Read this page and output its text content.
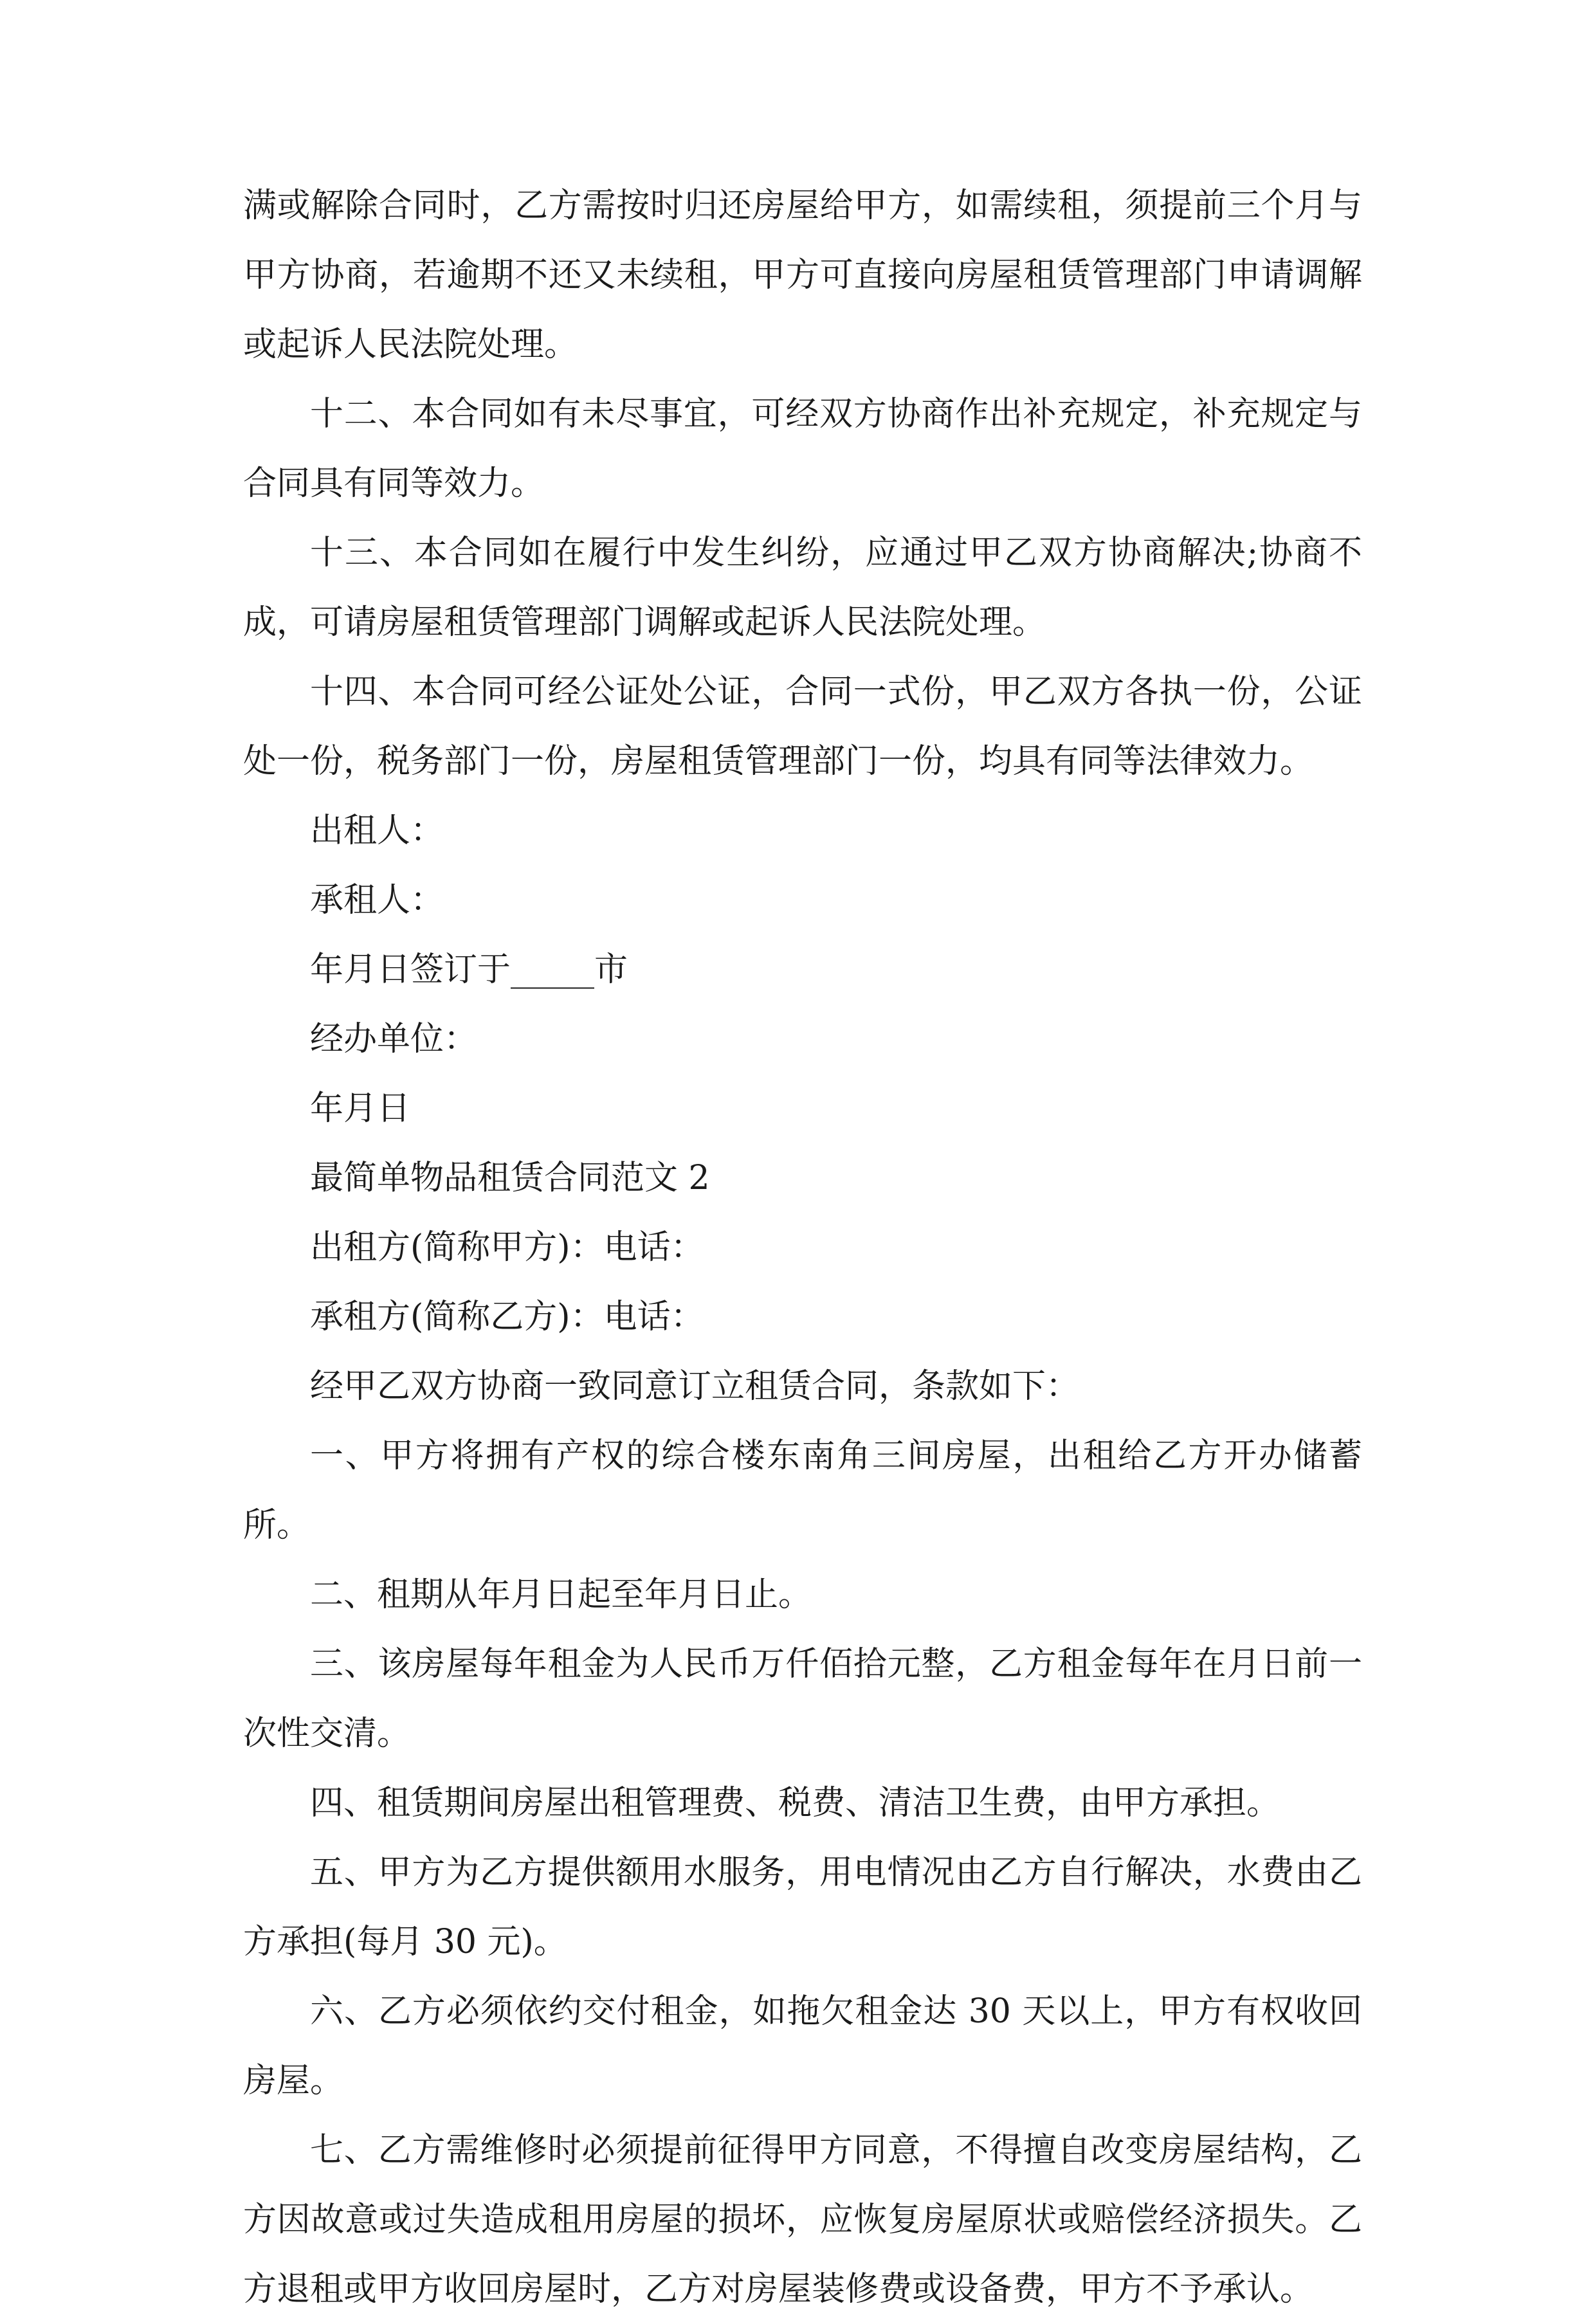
满或解除合同时，乙方需按时归还房屋给甲方，如需续租，须提前三个月与甲方协商，若逾期不还又未续租，甲方可直接向房屋租赁管理部门申请调解或起诉人民法院处理。

十二、本合同如有未尽事宜，可经双方协商作出补充规定，补充规定与合同具有同等效力。

十三、本合同如在履行中发生纠纷，应通过甲乙双方协商解决;协商不成，可请房屋租赁管理部门调解或起诉人民法院处理。

十四、本合同可经公证处公证，合同一式份，甲乙双方各执一份，公证处一份，税务部门一份，房屋租赁管理部门一份，均具有同等法律效力。

出租人：

承租人：

年月日签订于_____市

经办单位：

年月日

最简单物品租赁合同范文 2

出租方(简称甲方)：电话：

承租方(简称乙方)：电话：

经甲乙双方协商一致同意订立租赁合同，条款如下：

一、甲方将拥有产权的综合楼东南角三间房屋，出租给乙方开办储蓄所。

二、租期从年月日起至年月日止。

三、该房屋每年租金为人民币万仟佰拾元整，乙方租金每年在月日前一次性交清。

四、租赁期间房屋出租管理费、税费、清洁卫生费，由甲方承担。

五、甲方为乙方提供额用水服务，用电情况由乙方自行解决，水费由乙方承担(每月 30 元)。

六、乙方必须依约交付租金，如拖欠租金达 30 天以上，甲方有权收回房屋。

七、乙方需维修时必须提前征得甲方同意，不得擅自改变房屋结构，乙方因故意或过失造成租用房屋的损坏，应恢复房屋原状或赔偿经济损失。乙方退租或甲方收回房屋时，乙方对房屋装修费或设备费，甲方不予承认。
